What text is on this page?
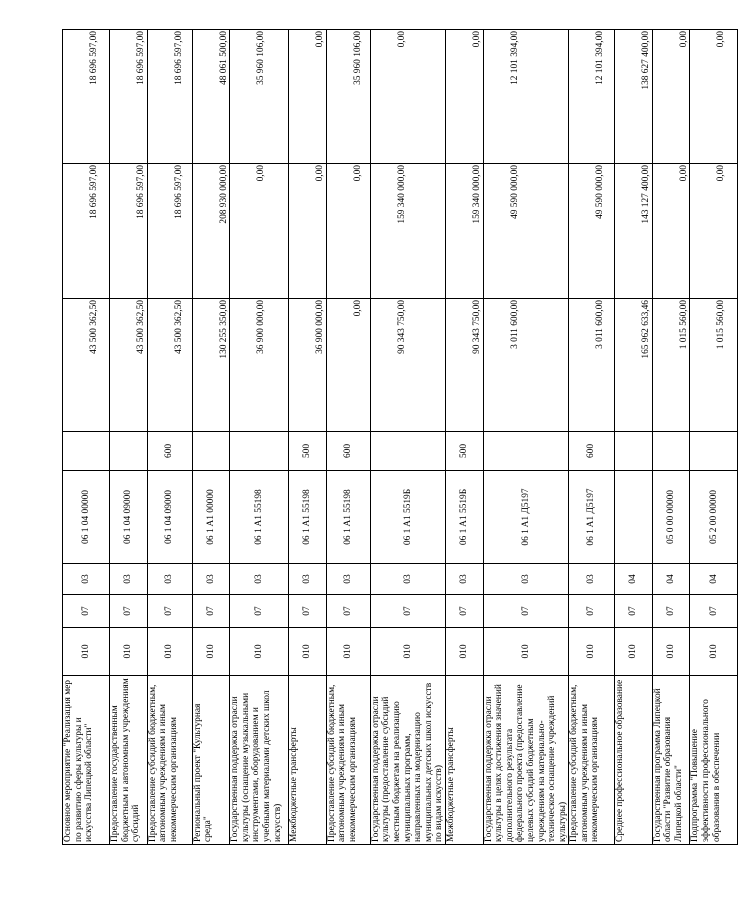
Основное мероприятие "Реализация мер по развитию сферы культуры и искусства Липецкой области"	010	07	03	06 1 04 00000		43 500 362,50	18 696 597,00	18 696 597,00
Предоставление государственным бюджетным и автономным учреждениям субсидий	010	07	03	06 1 04 09000		43 500 362,50	18 696 597,00	18 696 597,00
Предоставление субсидий бюджетным, автономным учреждениям и иным некоммерческим организациям	010	07	03	06 1 04 09000	600	43 500 362,50	18 696 597,00	18 696 597,00
Региональный проект "Культурная среда"	010	07	03	06 1 A1 00000		130 255 350,00	208 930 000,00	48 061 500,00
Государственная поддержка отрасли культуры (оснащение музыкальными инструментами, оборудованием и учебными материалами детских школ искусств)	010	07	03	06 1 A1 55198		36 900 000,00	0,00	35 960 106,00
Межбюджетные трансферты	010	07	03	06 1 A1 55198	500	36 900 000,00	0,00	0,00
Предоставление субсидий бюджетным, автономным учреждениям и иным некоммерческим организациям	010	07	03	06 1 A1 55198	600	0,00	0,00	35 960 106,00
Государственная поддержка отрасли культуры (предоставление субсидий местным бюджетам на реализацию муниципальных программ, направленных на модернизацию муниципальных детских школ искусств по видам искусств)	010	07	03	06 1 A1 5519Б		90 343 750,00	159 340 000,00	0,00
Межбюджетные трансферты	010	07	03	06 1 A1 5519Б	500	90 343 750,00	159 340 000,00	0,00
Государственная поддержка отрасли культуры в целях достижения значений дополнительного результата федерального проекта (предоставление целевых субсидий бюджетным учреждениям на материально-техническое оснащение учреждений культуры)	010	07	03	06 1 A1 Д5197		3 011 600,00	49 590 000,00	12 101 394,00
Предоставление субсидий бюджетным, автономным учреждениям и иным некоммерческим организациям	010	07	03	06 1 A1 Д5197	600	3 011 600,00	49 590 000,00	12 101 394,00
Среднее профессиональное образование	010	07	04			165 962 633,46	143 127 400,00	138 627 400,00
Государственная программа Липецкой области "Развитие образования Липецкой области"	010	07	04	05 0 00 00000		1 015 560,00	0,00	0,00
Подпрограмма "Повышение эффективности профессионального образования в обеспечении	010	07	04	05 2 00 00000		1 015 560,00	0,00	0,00
